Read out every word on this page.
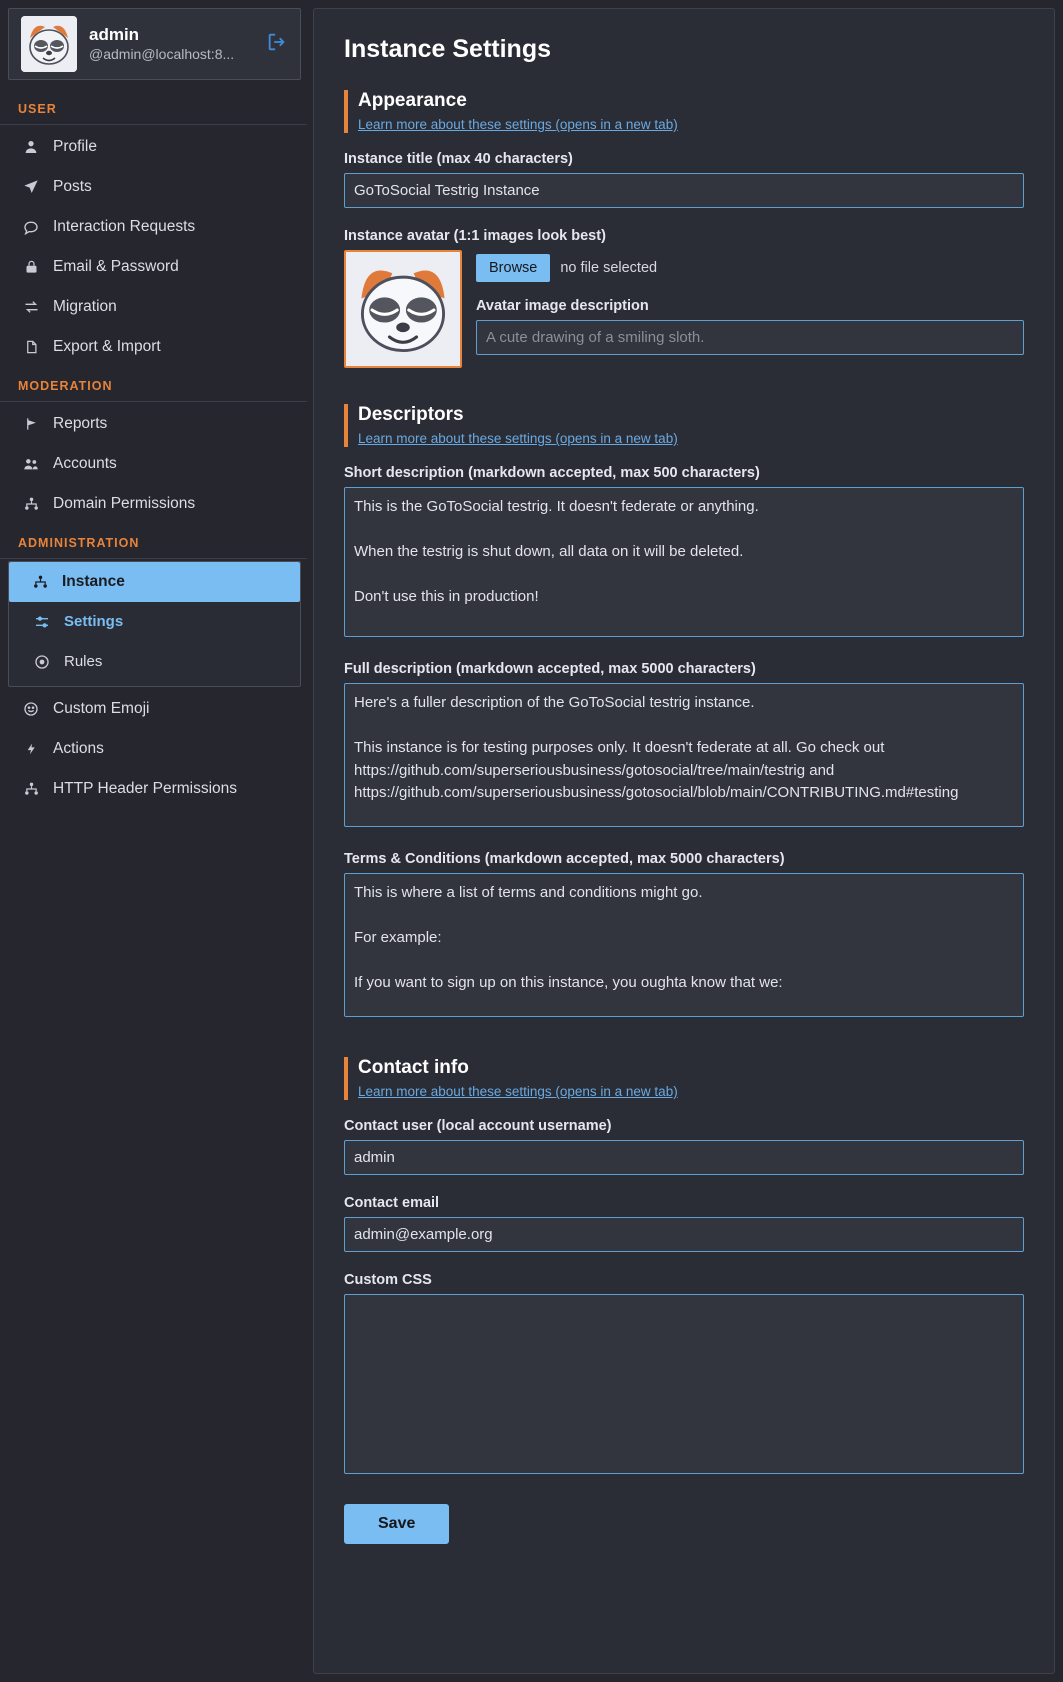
admin
@admin@localhost:8...
USER
Profile
Posts
Interaction Requests
Email & Password
Migration
Export & Import
MODERATION
Reports
Accounts
Domain Permissions
ADMINISTRATION
Instance
Settings
Rules
Custom Emoji
Actions
HTTP Header Permissions
Instance Settings
Appearance
Learn more about these settings (opens in a new tab)
Instance title (max 40 characters)
GoToSocial Testrig Instance
Instance avatar (1:1 images look best)
Browse	no file selected
Avatar image description
A cute drawing of a smiling sloth.
Descriptors
Learn more about these settings (opens in a new tab)
Short description (markdown accepted, max 500 characters)
This is the GoToSocial testrig. It doesn't federate or anything. When the testrig is shut down, all data on it will be deleted. Don't use this in production!
Full description (markdown accepted, max 5000 characters)
Here's a fuller description of the GoToSocial testrig instance. This instance is for testing purposes only. It doesn't federate at all. Go check out https://github.com/superseriousbusiness/gotosocial/tree/main/testrig and https://github.com/superseriousbusiness/gotosocial/blob/main/CONTRIBUTING.md#testing
Terms & Conditions (markdown accepted, max 5000 characters)
This is where a list of terms and conditions might go. For example: If you want to sign up on this instance, you oughta know that we:
Contact info
Learn more about these settings (opens in a new tab)
Contact user (local account username)
admin
Contact email
admin@example.org
Custom CSS
Save
